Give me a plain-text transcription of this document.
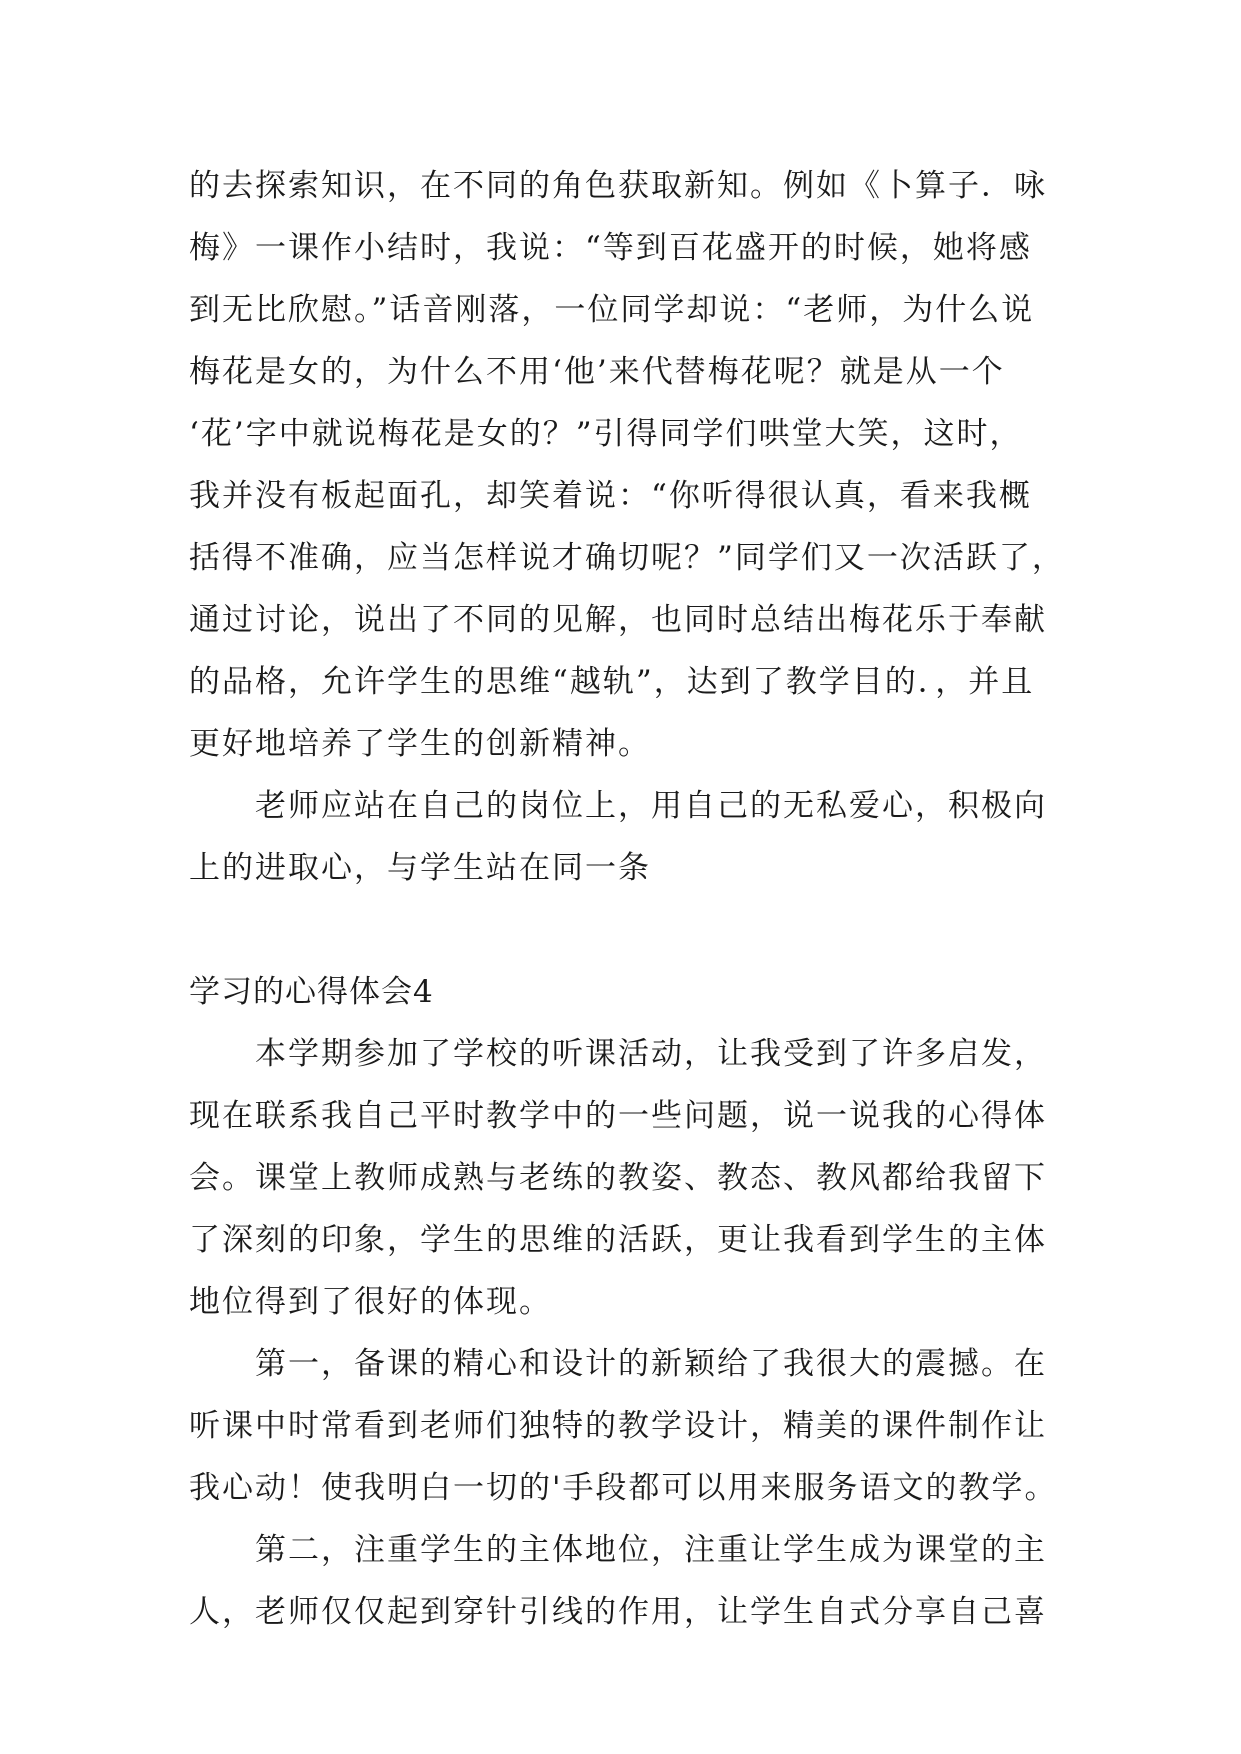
的去探索知识，在不同的角色获取新知。例如《卜算子．咏
梅》一课作小结时，我说：“等到百花盛开的时候，她将感
到无比欣慰。”话音刚落，一位同学却说：“老师，为什么说
梅花是女的，为什么不用‘他’来代替梅花呢？就是从一个
‘花’字中就说梅花是女的？”引得同学们哄堂大笑，这时，
我并没有板起面孔，却笑着说：“你听得很认真，看来我概
括得不准确，应当怎样说才确切呢？”同学们又一次活跃了，
通过讨论，说出了不同的见解，也同时总结出梅花乐于奉献
的品格，允许学生的思维“越轨”，达到了教学目的．，并且
更好地培养了学生的创新精神。
老师应站在自己的岗位上，用自己的无私爱心，积极向
上的进取心，与学生站在同一条
学习的心得体会4
本学期参加了学校的听课活动，让我受到了许多启发，
现在联系我自己平时教学中的一些问题，说一说我的心得体
会。课堂上教师成熟与老练的教姿、教态、教风都给我留下
了深刻的印象，学生的思维的活跃，更让我看到学生的主体
地位得到了很好的体现。
第一，备课的精心和设计的新颖给了我很大的震撼。在
听课中时常看到老师们独特的教学设计，精美的课件制作让
我心动！使我明白一切的'手段都可以用来服务语文的教学。
第二，注重学生的主体地位，注重让学生成为课堂的主
人，老师仅仅起到穿针引线的作用，让学生自式分享自己喜
